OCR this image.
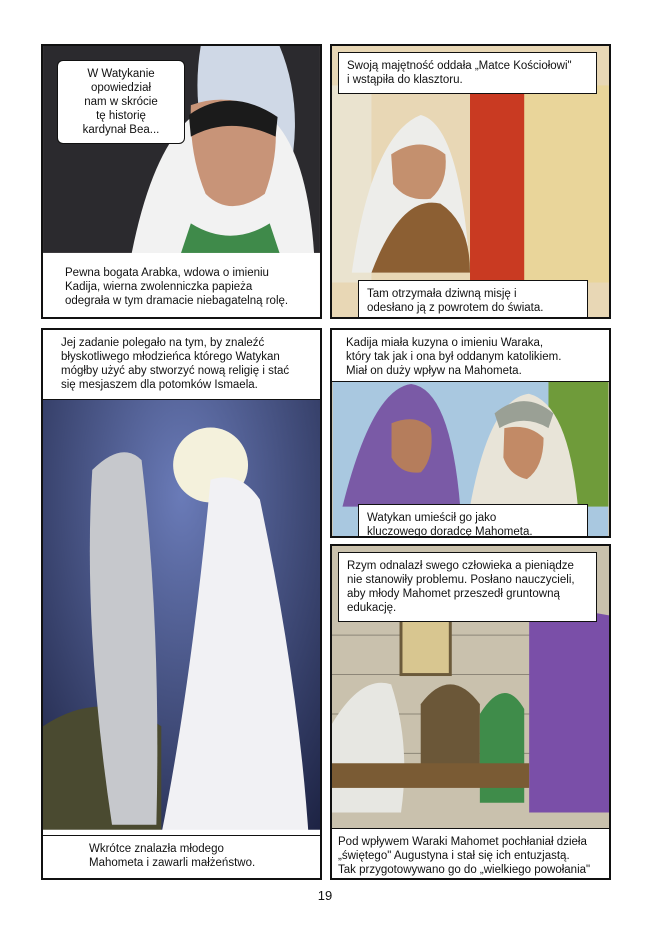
W Watykanie
opowiedział
nam w skrócie
tę historię
kardynał Bea...
Pewna bogata Arabka, wdowa o imieniu
Kadija, wierna zwolenniczka papieża
odegrała w tym dramacie niebagatelną rolę.
Swoją majętność oddała „Matce Kościołowi"
i wstąpiła do klasztoru.
Tam otrzymała dziwną misję i
odesłano ją z powrotem do świata.
Jej zadanie polegało na tym, by znaleźć
błyskotliwego młodzieńca którego Watykan
mógłby użyć aby stworzyć nową religię i stać
się mesjaszem dla potomków Ismaela.
Wkrótce znalazła młodego
Mahometa i zawarli małżeństwo.
Kadija miała kuzyna o imieniu Waraka,
który tak jak i ona był oddanym katolikiem.
Miał on duży wpływ na Mahometa.
Watykan umieścił go jako
kluczowego doradcę Mahometa.
Rzym odnalazł swego człowieka a pieniądze
nie stanowiły problemu. Posłano nauczycieli,
aby młody Mahomet przeszedł gruntowną
edukację.
Pod wpływem Waraki Mahomet pochłaniał dzieła
„świętego" Augustyna i stał się ich entuzjastą.
Tak przygotowywano go do „wielkiego powołania"
19
